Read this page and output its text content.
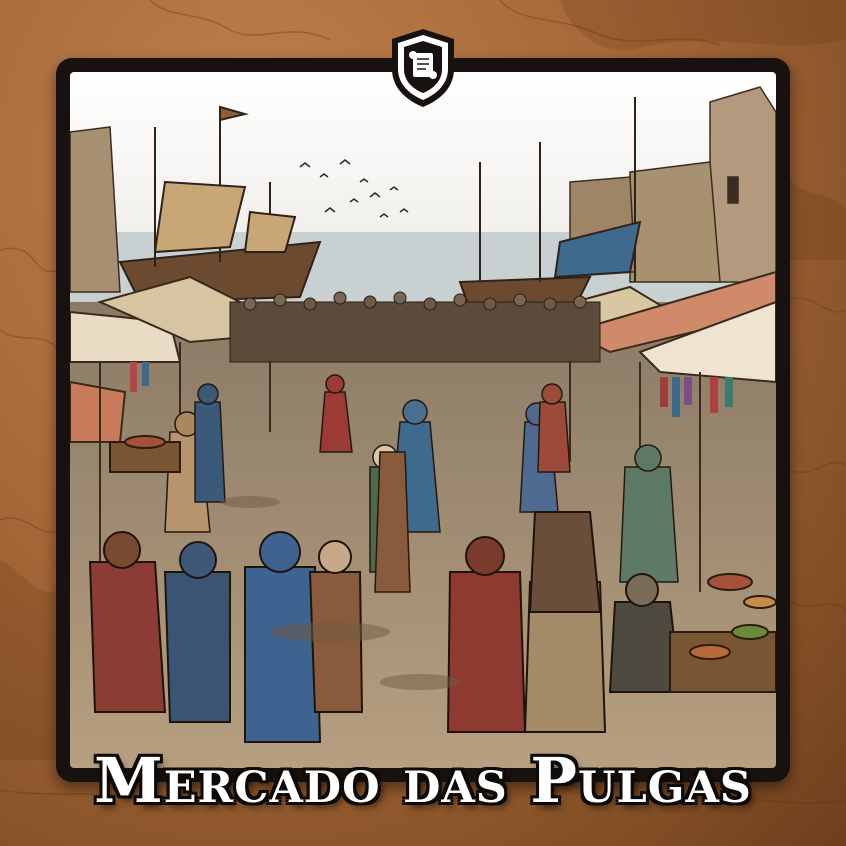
Mercado das Pulgas
